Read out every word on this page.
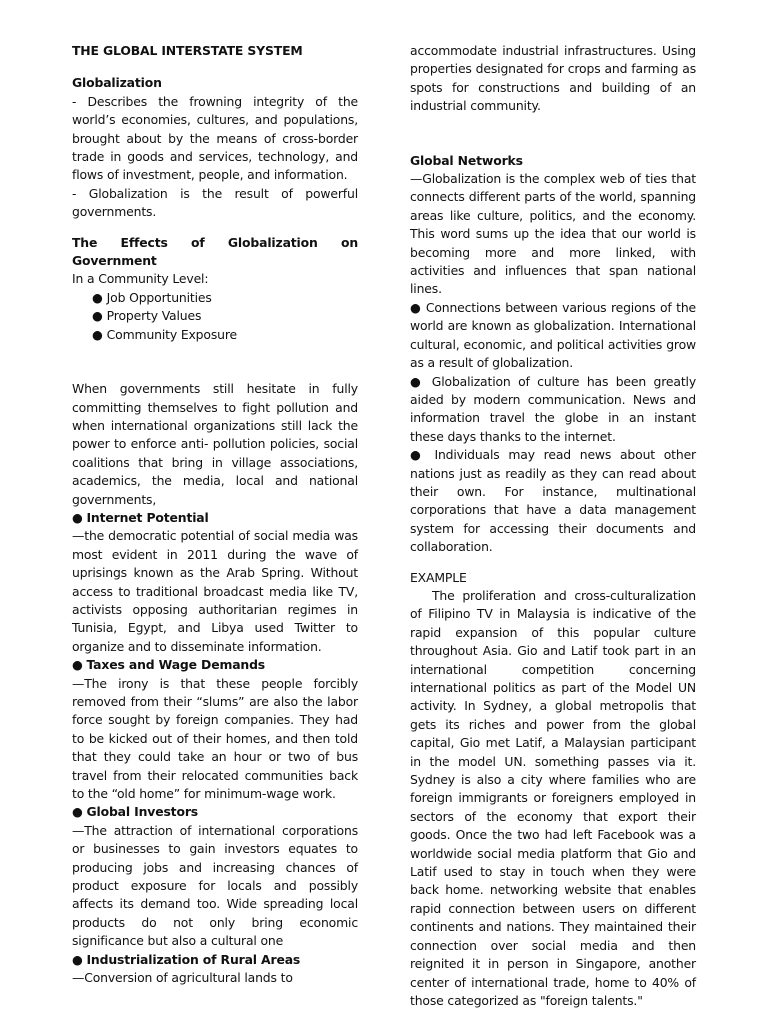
THE GLOBAL INTERSTATE SYSTEM

Globalization

- Describes the frowning integrity of the world’s economies, cultures, and populations, brought about by the means of cross-border trade in goods and services, technology, and flows of investment, people, and information.

- Globalization is the result of powerful governments.

The Effects of Globalization on Government

In a Community Level:

● Job Opportunities
● Property Values
● Community Exposure

When governments still hesitate in fully committing themselves to fight pollution and when international organizations still lack the power to enforce anti- pollution policies, social coalitions that bring in village associations, academics, the media, local and national governments,

● Internet Potential

—the democratic potential of social media was most evident in 2011 during the wave of uprisings known as the Arab Spring. Without access to traditional broadcast media like TV, activists opposing authoritarian regimes in Tunisia, Egypt, and Libya used Twitter to organize and to disseminate information.

● Taxes and Wage Demands

—The irony is that these people forcibly removed from their “slums” are also the labor force sought by foreign companies. They had to be kicked out of their homes, and then told that they could take an hour or two of bus travel from their relocated communities back to the “old home” for minimum-wage work.

● Global Investors

—The attraction of international corporations or businesses to gain investors equates to producing jobs and increasing chances of product exposure for locals and possibly affects its demand too. Wide spreading local products do not only bring economic significance but also a cultural one

● Industrialization of Rural Areas

—Conversion of agricultural lands to

accommodate industrial infrastructures. Using properties designated for crops and farming as spots for constructions and building of an industrial community.

Global Networks

—Globalization is the complex web of ties that connects different parts of the world, spanning areas like culture, politics, and the economy. This word sums up the idea that our world is becoming more and more linked, with activities and influences that span national lines.

● Connections between various regions of the world are known as globalization. International cultural, economic, and political activities grow as a result of globalization.

● Globalization of culture has been greatly aided by modern communication. News and information travel the globe in an instant these days thanks to the internet.

● Individuals may read news about other nations just as readily as they can read about their own. For instance, multinational corporations that have a data management system for accessing their documents and collaboration.

EXAMPLE

The proliferation and cross-culturalization of Filipino TV in Malaysia is indicative of the rapid expansion of this popular culture throughout Asia. Gio and Latif took part in an international competition concerning international politics as part of the Model UN activity. In Sydney, a global metropolis that gets its riches and power from the global capital, Gio met Latif, a Malaysian participant in the model UN. something passes via it. Sydney is also a city where families who are foreign immigrants or foreigners employed in sectors of the economy that export their goods. Once the two had left Facebook was a worldwide social media platform that Gio and Latif used to stay in touch when they were back home. networking website that enables rapid connection between users on different continents and nations. They maintained their connection over social media and then reignited it in person in Singapore, another center of international trade, home to 40% of those categorized as "foreign talents."
